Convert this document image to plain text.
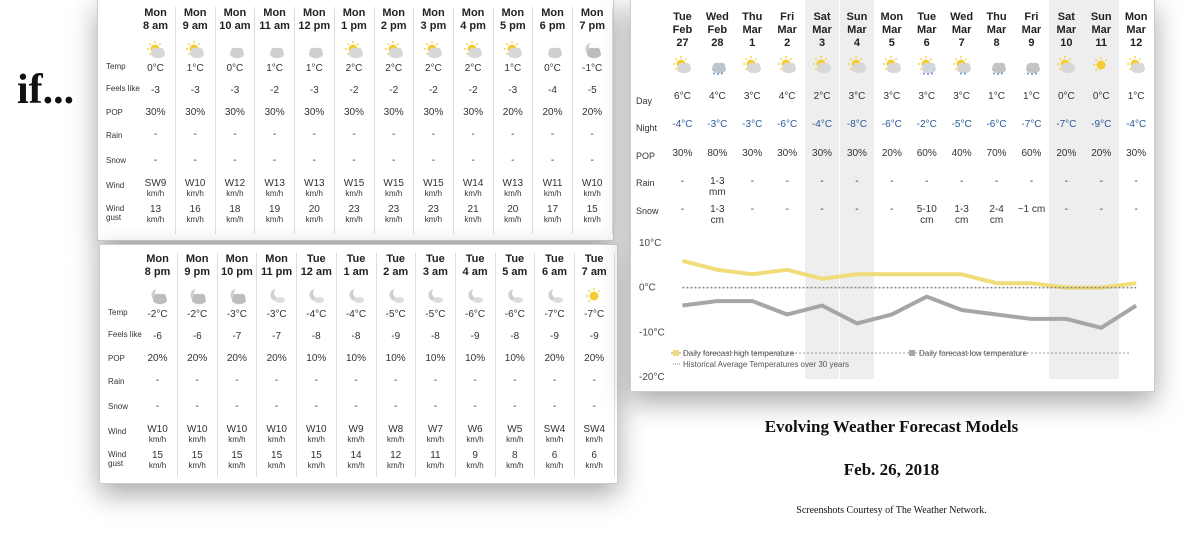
if...
Temp
Feels like
POP
Rain
Snow
Wind
Wind gust
Mon
8 am
0°C
-3
30%
-
-
SW9
km/h
13
km/h
Mon
9 am
1°C
-3
30%
-
-
W10
km/h
16
km/h
Mon
10 am
0°C
-3
30%
-
-
W12
km/h
18
km/h
Mon
11 am
1°C
-2
30%
-
-
W13
km/h
19
km/h
Mon
12 pm
1°C
-3
30%
-
-
W13
km/h
20
km/h
Mon
1 pm
2°C
-2
30%
-
-
W15
km/h
23
km/h
Mon
2 pm
2°C
-2
30%
-
-
W15
km/h
23
km/h
Mon
3 pm
2°C
-2
30%
-
-
W15
km/h
23
km/h
Mon
4 pm
2°C
-2
30%
-
-
W14
km/h
21
km/h
Mon
5 pm
1°C
-3
20%
-
-
W13
km/h
20
km/h
Mon
6 pm
0°C
-4
20%
-
-
W11
km/h
17
km/h
Mon
7 pm
-1°C
-5
20%
-
-
W10
km/h
15
km/h
Temp
Feels like
POP
Rain
Snow
Wind
Wind gust
Mon
8 pm
-2°C
-6
20%
-
-
W10
km/h
15
km/h
Mon
9 pm
-2°C
-6
20%
-
-
W10
km/h
15
km/h
Mon
10 pm
-3°C
-7
20%
-
-
W10
km/h
15
km/h
Mon
11 pm
-3°C
-7
20%
-
-
W10
km/h
15
km/h
Tue
12 am
-4°C
-8
10%
-
-
W10
km/h
15
km/h
Tue
1 am
-4°C
-8
10%
-
-
W9
km/h
14
km/h
Tue
2 am
-5°C
-9
10%
-
-
W8
km/h
12
km/h
Tue
3 am
-5°C
-8
10%
-
-
W7
km/h
11
km/h
Tue
4 am
-6°C
-9
10%
-
-
W6
km/h
9
km/h
Tue
5 am
-6°C
-8
10%
-
-
W5
km/h
8
km/h
Tue
6 am
-7°C
-9
20%
-
-
SW4
km/h
6
km/h
Tue
7 am
-7°C
-9
20%
-
-
SW4
km/h
6
km/h
Day
Night
POP
Rain
Snow
Tue
Feb
27
6°C
-4°C
30%
-
-
Wed
Feb
28
4°C
-3°C
80%
1-3 mm
1-3 cm
Thu
Mar
1
3°C
-3°C
30%
-
-
Fri
Mar
2
4°C
-6°C
30%
-
-
Sat
Mar
3
2°C
-4°C
30%
-
-
Sun
Mar
4
3°C
-8°C
30%
-
-
Mon
Mar
5
3°C
-6°C
20%
-
-
Tue
Mar
6
3°C
-2°C
60%
-
5-10 cm
Wed
Mar
7
3°C
-5°C
40%
-
1-3 cm
Thu
Mar
8
1°C
-6°C
70%
-
2-4 cm
Fri
Mar
9
1°C
-7°C
60%
-
~1 cm
Sat
Mar
10
0°C
-7°C
20%
-
-
Sun
Mar
11
0°C
-9°C
20%
-
-
Mon
Mar
12
1°C
-4°C
30%
-
-
10°C
0°C
-10°C
-20°C
Daily forecast high temperature	Daily forecast low temperature
Historical Average Temperatures over 30 years
Evolving Weather Forecast Models
Feb. 26, 2018
Screenshots Courtesy of The Weather Network.
